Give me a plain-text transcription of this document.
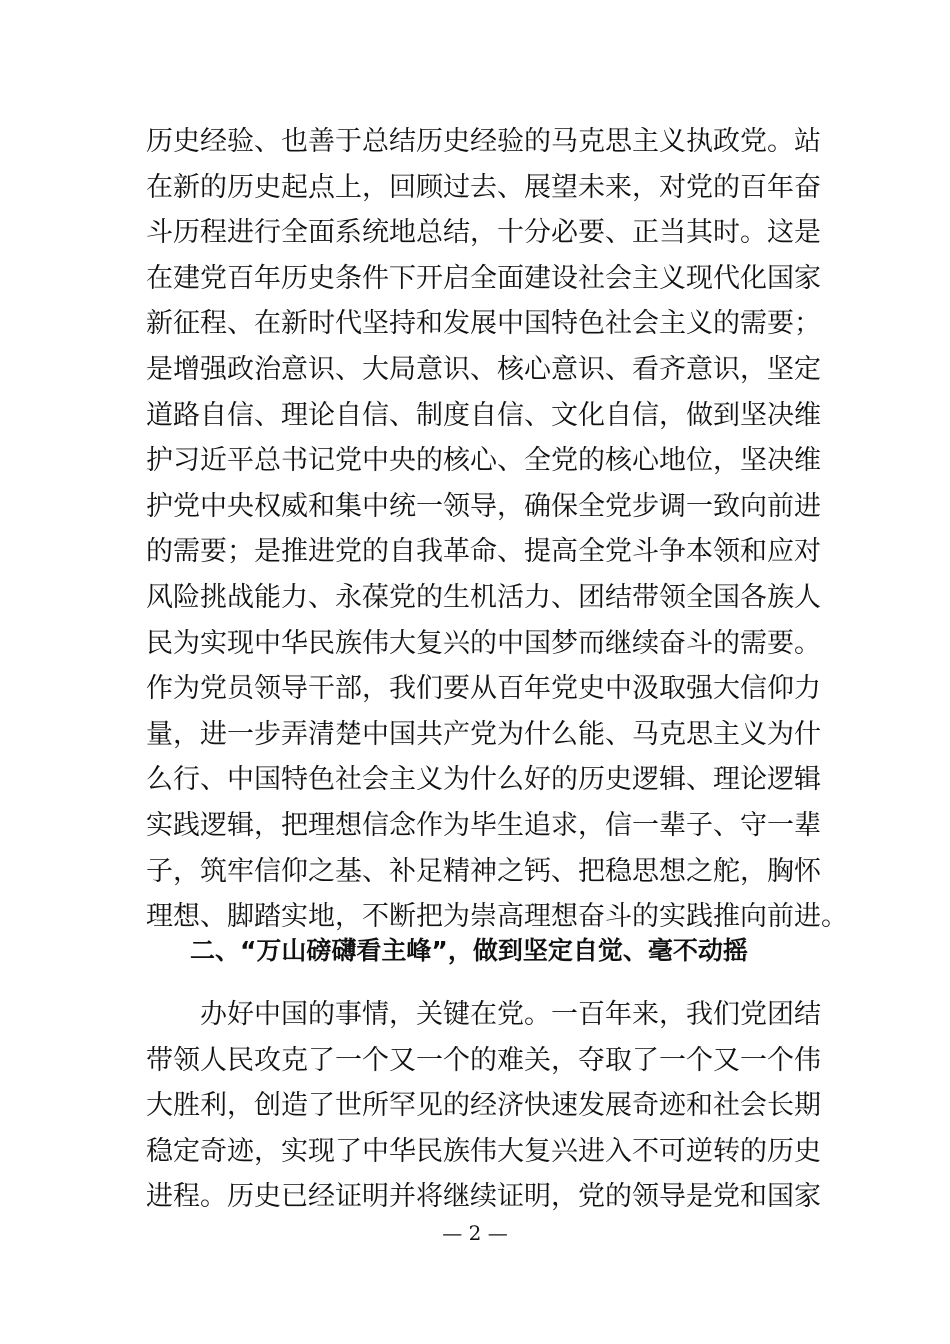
历史经验、也善于总结历史经验的马克思主义执政党。站
在新的历史起点上，回顾过去、展望未来，对党的百年奋
斗历程进行全面系统地总结，十分必要、正当其时。这是
在建党百年历史条件下开启全面建设社会主义现代化国家
新征程、在新时代坚持和发展中国特色社会主义的需要；
是增强政治意识、大局意识、核心意识、看齐意识，坚定
道路自信、理论自信、制度自信、文化自信，做到坚决维
护习近平总书记党中央的核心、全党的核心地位，坚决维
护党中央权威和集中统一领导，确保全党步调一致向前进
的需要；是推进党的自我革命、提高全党斗争本领和应对
风险挑战能力、永葆党的生机活力、团结带领全国各族人
民为实现中华民族伟大复兴的中国梦而继续奋斗的需要。
作为党员领导干部，我们要从百年党史中汲取强大信仰力
量，进一步弄清楚中国共产党为什么能、马克思主义为什
么行、中国特色社会主义为什么好的历史逻辑、理论逻辑
实践逻辑，把理想信念作为毕生追求，信一辈子、守一辈
子，筑牢信仰之基、补足精神之钙、把稳思想之舵，胸怀
理想、脚踏实地，不断把为崇高理想奋斗的实践推向前进。
二、“万山磅礴看主峰”，做到坚定自觉、毫不动摇
办好中国的事情，关键在党。一百年来，我们党团结
带领人民攻克了一个又一个的难关，夺取了一个又一个伟
大胜利，创造了世所罕见的经济快速发展奇迹和社会长期
稳定奇迹，实现了中华民族伟大复兴进入不可逆转的历史
进程。历史已经证明并将继续证明，党的领导是党和国家
— 2 —
